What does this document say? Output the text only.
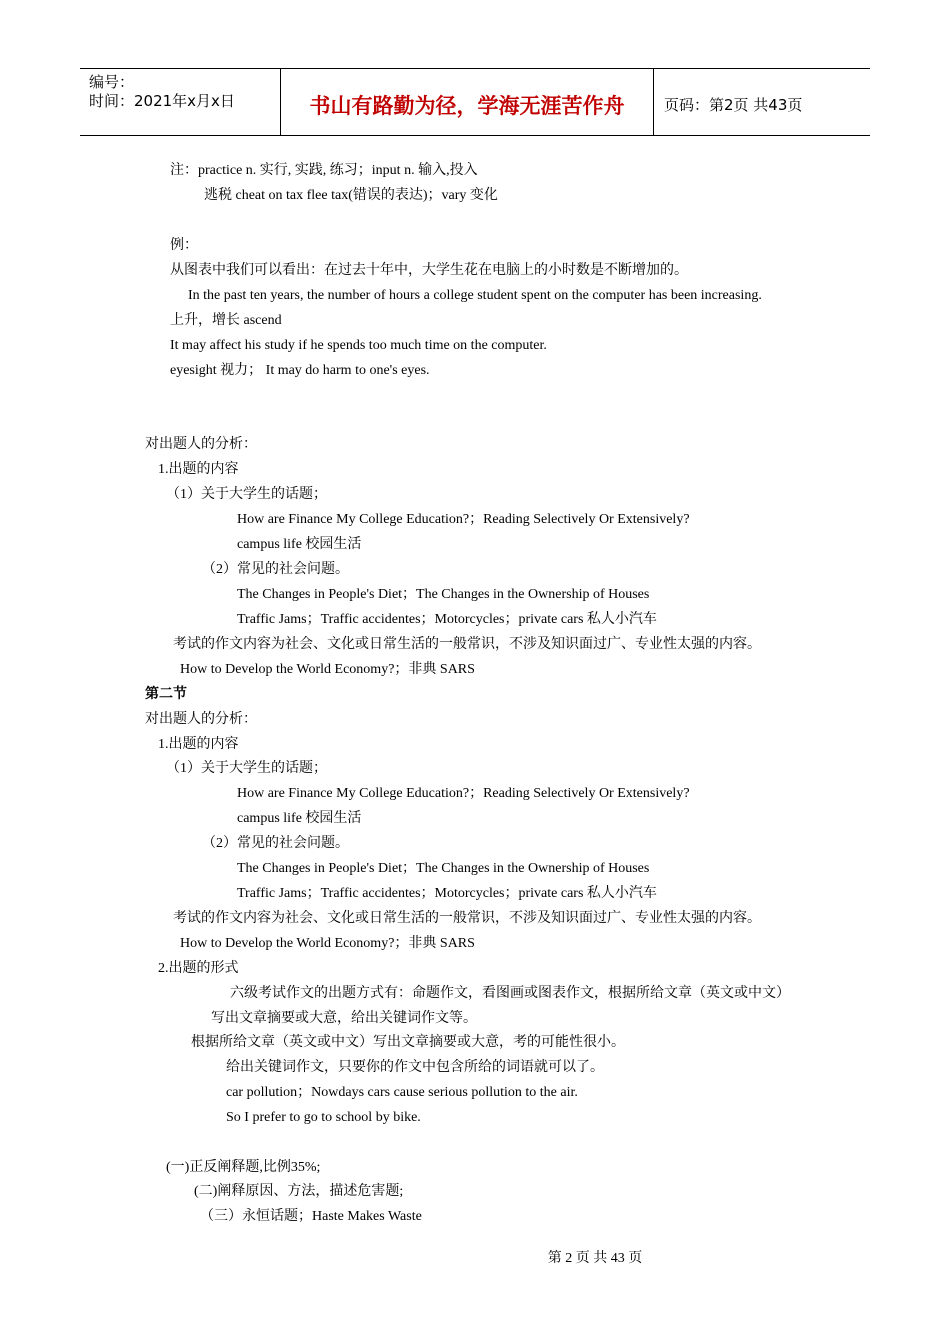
编号：
时间：2021年x月x日	书山有路勤为径，学海无涯苦作舟	页码：第2页 共43页
注：practice n. 实行, 实践, 练习；input n. 输入,投入
逃税 cheat on tax flee tax(错误的表达)；vary 变化
例：
从图表中我们可以看出：在过去十年中，大学生花在电脑上的小时数是不断增加的。
In the past ten years, the number of hours a college student spent on the computer has been increasing.
上升，增长 ascend
It may affect his study if he spends too much time on the computer.
eyesight 视力； It may do harm to one's eyes.
对出题人的分析：
1.出题的内容
（1）关于大学生的话题；
How are Finance My College Education?；Reading Selectively Or Extensively?
campus life 校园生活
（2）常见的社会问题。
The Changes in People's Diet；The Changes in the Ownership of Houses
Traffic Jams；Traffic accidentes；Motorcycles；private cars 私人小汽车
考试的作文内容为社会、文化或日常生活的一般常识，不涉及知识面过广、专业性太强的内容。
How to Develop the World Economy?；非典 SARS
第二节
对出题人的分析：
1.出题的内容
（1）关于大学生的话题；
How are Finance My College Education?；Reading Selectively Or Extensively?
campus life 校园生活
（2）常见的社会问题。
The Changes in People's Diet；The Changes in the Ownership of Houses
Traffic Jams；Traffic accidentes；Motorcycles；private cars 私人小汽车
考试的作文内容为社会、文化或日常生活的一般常识，不涉及知识面过广、专业性太强的内容。
How to Develop the World Economy?；非典 SARS
2.出题的形式
六级考试作文的出题方式有：命题作文，看图画或图表作文，根据所给文章（英文或中文）
写出文章摘要或大意，给出关键词作文等。
根据所给文章（英文或中文）写出文章摘要或大意，考的可能性很小。
给出关键词作文，只要你的作文中包含所给的词语就可以了。
car pollution；Nowdays cars cause serious pollution to the air.
So I prefer to go to school by bike.
(一)正反阐释题,比例35%;
(二)阐释原因、方法，描述危害题;
（三）永恒话题；Haste Makes Waste
第 2 页 共 43 页
